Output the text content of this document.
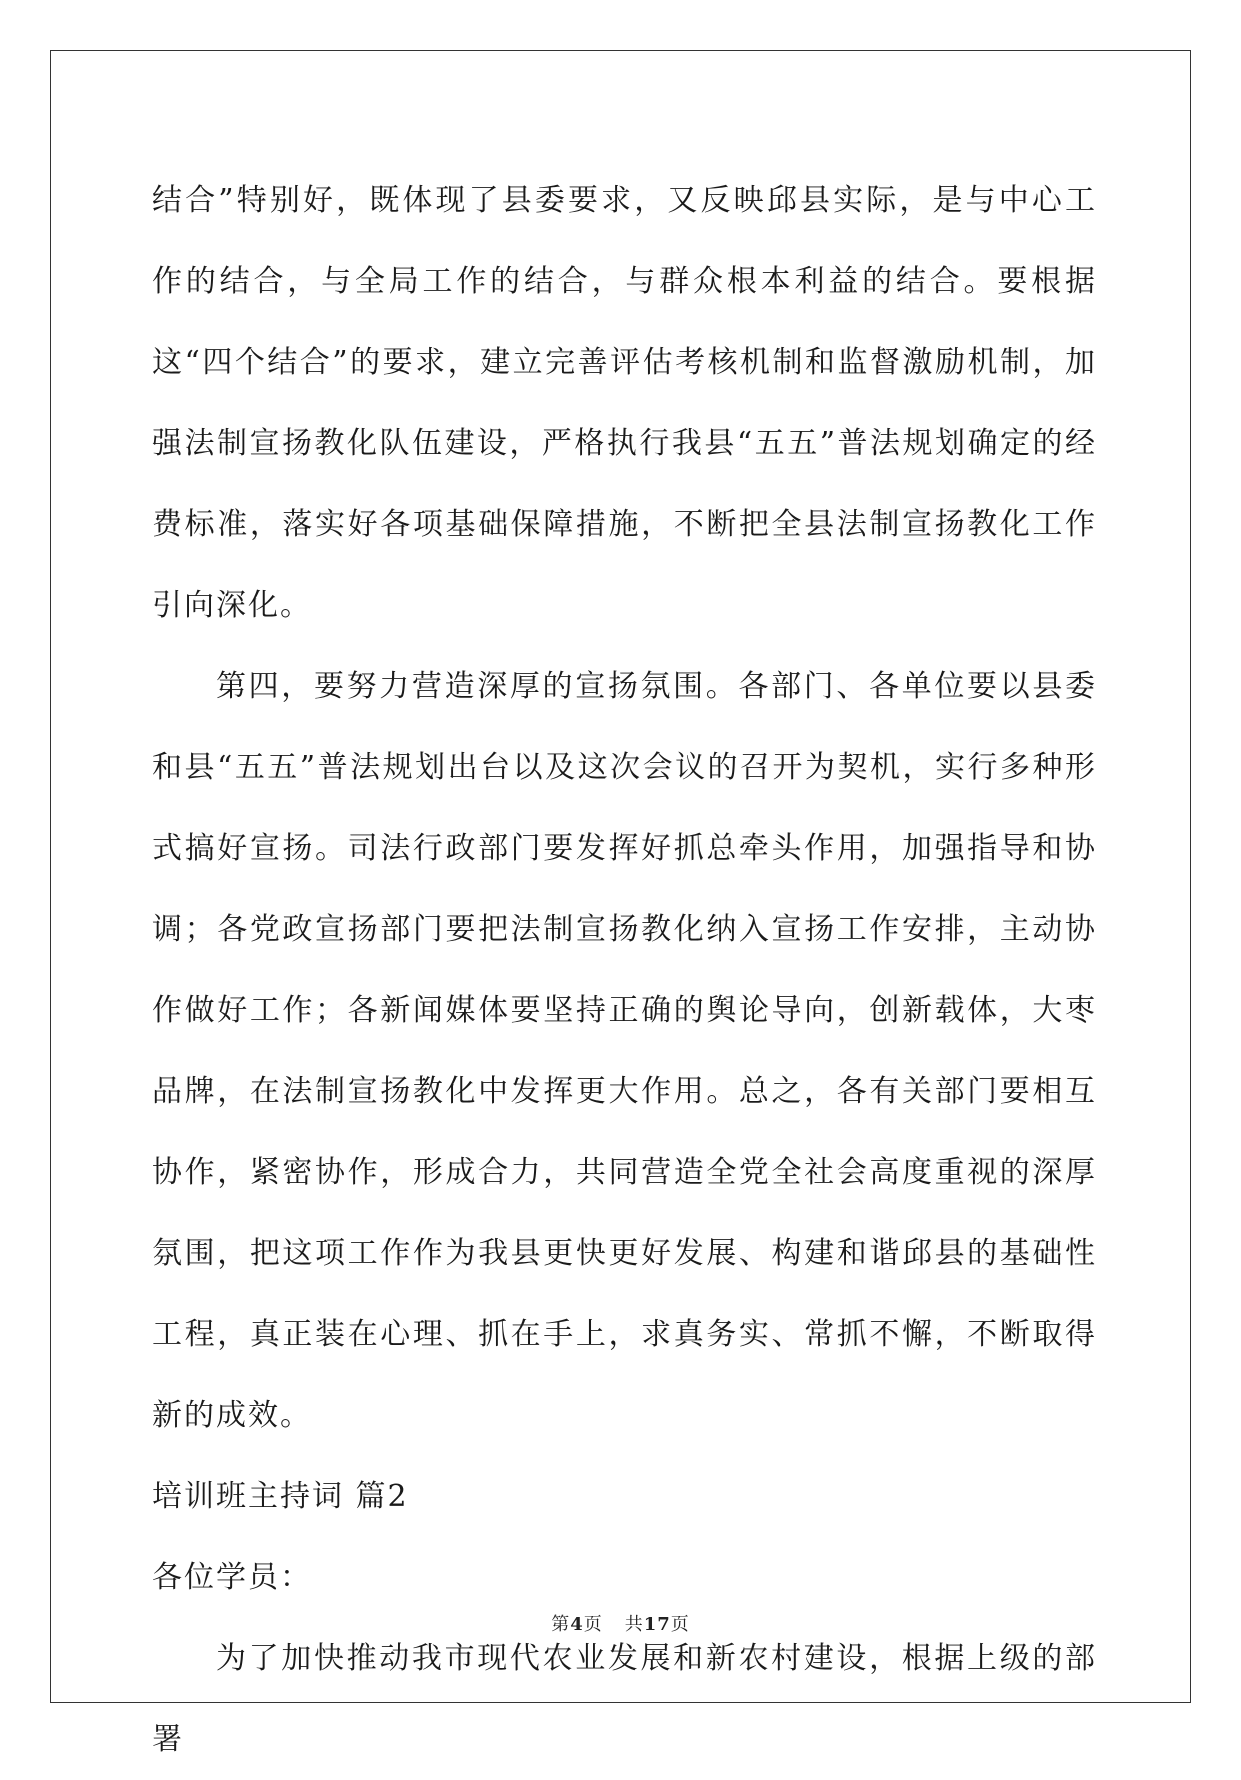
结合”特别好，既体现了县委要求，又反映邱县实际，是与中心工作的结合，与全局工作的结合，与群众根本利益的结合。要根据这“四个结合”的要求，建立完善评估考核机制和监督激励机制，加强法制宣扬教化队伍建设，严格执行我县“五五”普法规划确定的经费标准，落实好各项基础保障措施，不断把全县法制宣扬教化工作引向深化。

第四，要努力营造深厚的宣扬氛围。各部门、各单位要以县委和县“五五”普法规划出台以及这次会议的召开为契机，实行多种形式搞好宣扬。司法行政部门要发挥好抓总牵头作用，加强指导和协调；各党政宣扬部门要把法制宣扬教化纳入宣扬工作安排，主动协作做好工作；各新闻媒体要坚持正确的舆论导向，创新载体，大枣品牌，在法制宣扬教化中发挥更大作用。总之，各有关部门要相互协作，紧密协作，形成合力，共同营造全党全社会高度重视的深厚氛围，把这项工作作为我县更快更好发展、构建和谐邱县的基础性工程，真正装在心理、抓在手上，求真务实、常抓不懈，不断取得新的成效。

培训班主持词 篇2

各位学员：

为了加快推动我市现代农业发展和新农村建设，根据上级的部署

第4页 共17页
